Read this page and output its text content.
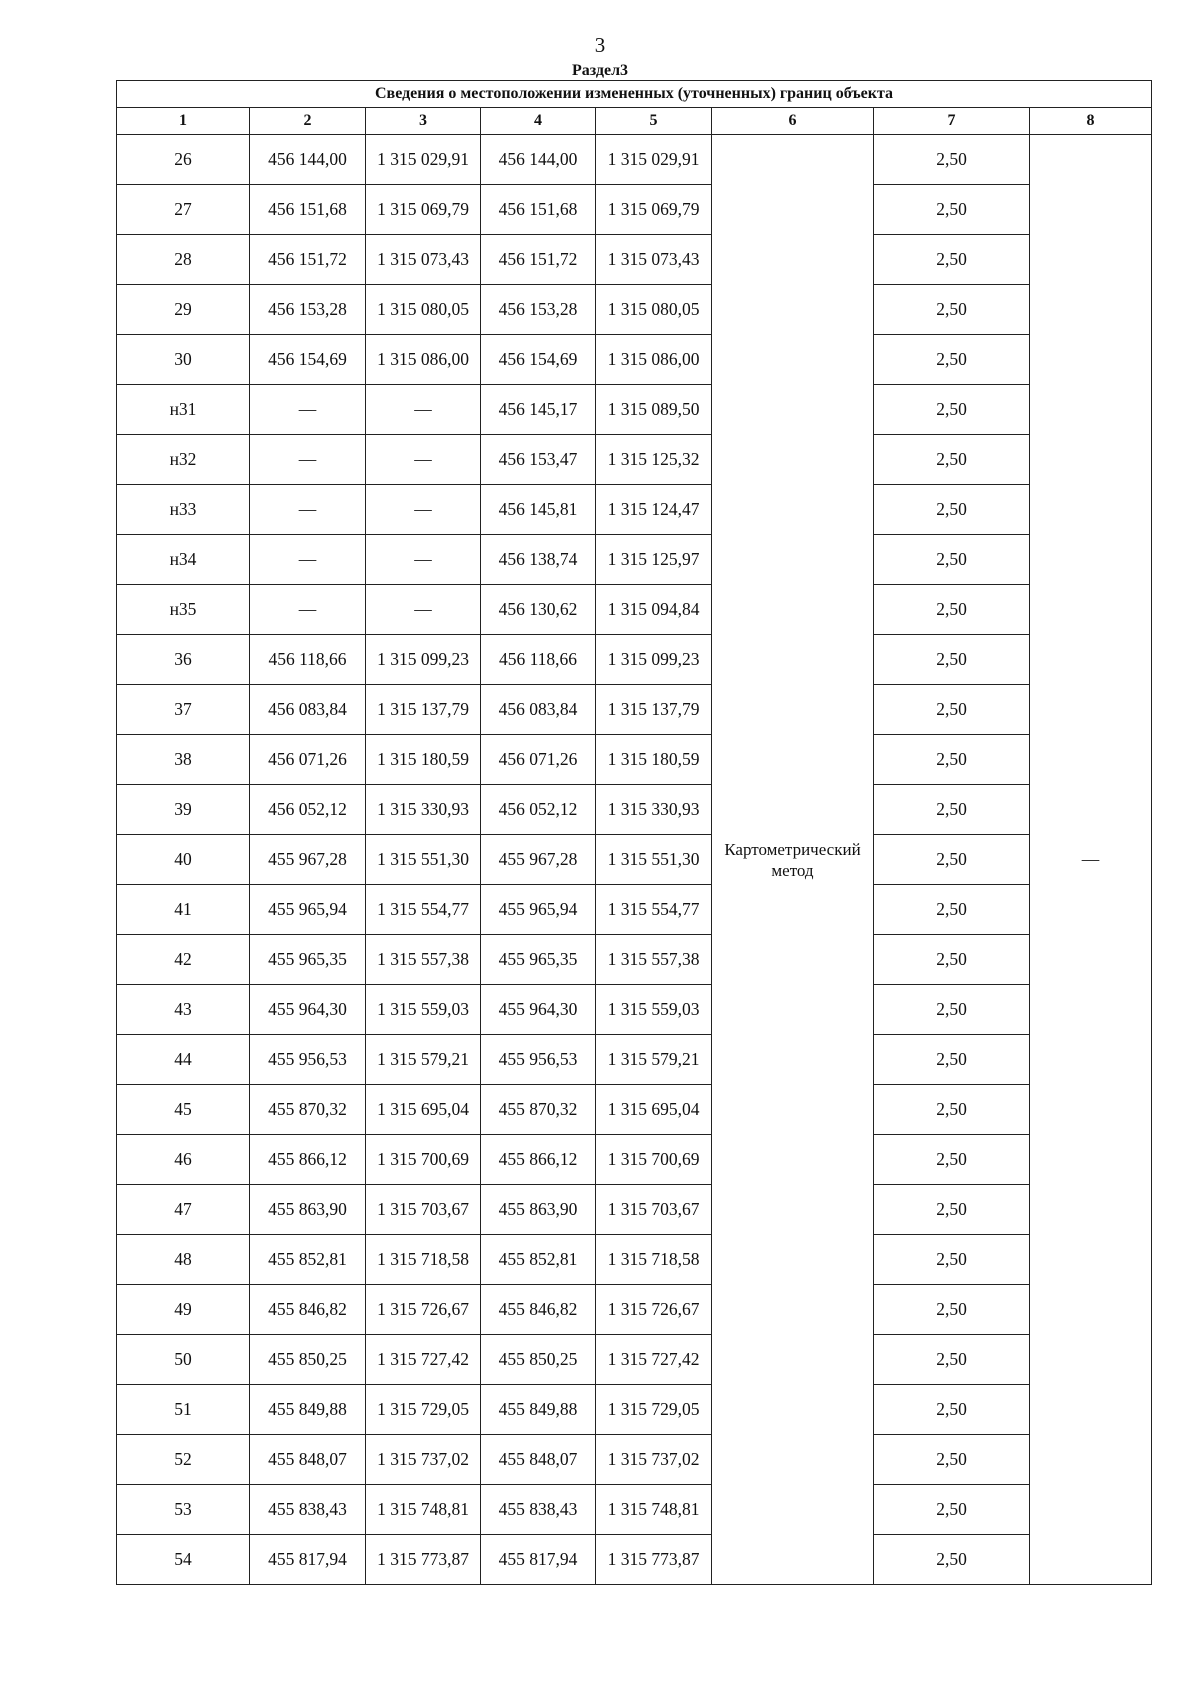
3
Раздел3
Сведения о местоположении измененных (уточненных) границ объекта							
1	2	3	4	5	6	7	8
26	456 144,00	1 315 029,91	456 144,00	1 315 029,91	Картометрический метод	2,50	—
27	456 151,68	1 315 069,79	456 151,68	1 315 069,79		2,50	
28	456 151,72	1 315 073,43	456 151,72	1 315 073,43		2,50	
29	456 153,28	1 315 080,05	456 153,28	1 315 080,05		2,50	
30	456 154,69	1 315 086,00	456 154,69	1 315 086,00		2,50	
н31	—	—	456 145,17	1 315 089,50		2,50	
н32	—	—	456 153,47	1 315 125,32		2,50	
н33	—	—	456 145,81	1 315 124,47		2,50	
н34	—	—	456 138,74	1 315 125,97		2,50	
н35	—	—	456 130,62	1 315 094,84		2,50	
36	456 118,66	1 315 099,23	456 118,66	1 315 099,23		2,50	
37	456 083,84	1 315 137,79	456 083,84	1 315 137,79		2,50	
38	456 071,26	1 315 180,59	456 071,26	1 315 180,59		2,50	
39	456 052,12	1 315 330,93	456 052,12	1 315 330,93		2,50	
40	455 967,28	1 315 551,30	455 967,28	1 315 551,30		2,50	
41	455 965,94	1 315 554,77	455 965,94	1 315 554,77		2,50	
42	455 965,35	1 315 557,38	455 965,35	1 315 557,38		2,50	
43	455 964,30	1 315 559,03	455 964,30	1 315 559,03		2,50	
44	455 956,53	1 315 579,21	455 956,53	1 315 579,21		2,50	
45	455 870,32	1 315 695,04	455 870,32	1 315 695,04		2,50	
46	455 866,12	1 315 700,69	455 866,12	1 315 700,69		2,50	
47	455 863,90	1 315 703,67	455 863,90	1 315 703,67		2,50	
48	455 852,81	1 315 718,58	455 852,81	1 315 718,58		2,50	
49	455 846,82	1 315 726,67	455 846,82	1 315 726,67		2,50	
50	455 850,25	1 315 727,42	455 850,25	1 315 727,42		2,50	
51	455 849,88	1 315 729,05	455 849,88	1 315 729,05		2,50	
52	455 848,07	1 315 737,02	455 848,07	1 315 737,02		2,50	
53	455 838,43	1 315 748,81	455 838,43	1 315 748,81		2,50	
54	455 817,94	1 315 773,87	455 817,94	1 315 773,87		2,50	
